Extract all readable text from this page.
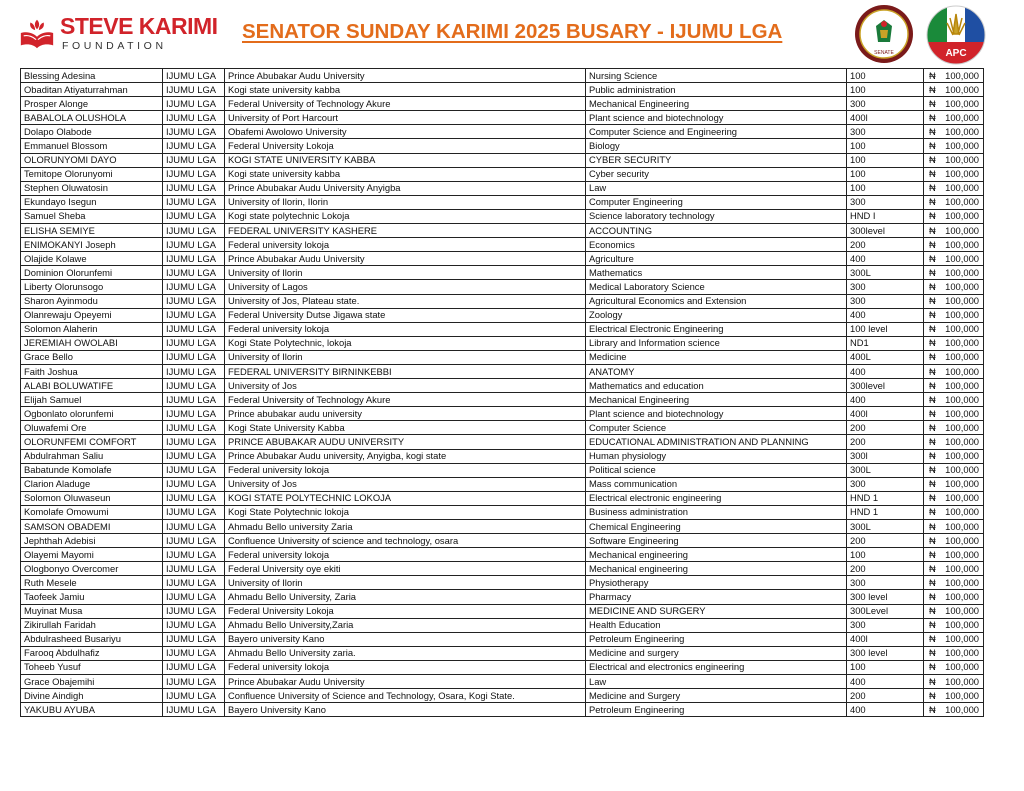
STEVE KARIMI
FOUNDATION
SENATOR SUNDAY KARIMI 2025 BUSARY - IJUMU LGA
SENATE	APC
Blessing Adesina	IJUMU LGA	Prince Abubakar Audu University	Nursing Science	100	₦ 100,000
Obaditan Atiyaturrahman	IJUMU LGA	Kogi state university kabba	Public administration	100	₦ 100,000
Prosper Alonge	IJUMU LGA	Federal University of Technology Akure	Mechanical Engineering	300	₦ 100,000
BABALOLA OLUSHOLA	IJUMU LGA	University of Port Harcourt	Plant science and biotechnology	400l	₦ 100,000
Dolapo Olabode	IJUMU LGA	Obafemi Awolowo University	Computer Science and Engineering	300	₦ 100,000
Emmanuel Blossom	IJUMU LGA	Federal University Lokoja	Biology	100	₦ 100,000
OLORUNYOMI DAYO	IJUMU LGA	KOGI STATE UNIVERSITY KABBA	CYBER SECURITY	100	₦ 100,000
Temitope Olorunyomi	IJUMU LGA	Kogi state university kabba	Cyber security	100	₦ 100,000
Stephen Oluwatosin	IJUMU LGA	Prince Abubakar Audu University Anyigba	Law	100	₦ 100,000
Ekundayo Isegun	IJUMU LGA	University of Ilorin, Ilorin	Computer Engineering	300	₦ 100,000
Samuel Sheba	IJUMU LGA	Kogi state polytechnic Lokoja	Science laboratory technology	HND I	₦ 100,000
ELISHA SEMIYE	IJUMU LGA	FEDERAL UNIVERSITY KASHERE	ACCOUNTING	300level	₦ 100,000
ENIMOKANYI Joseph	IJUMU LGA	Federal university lokoja	Economics	200	₦ 100,000
Olajide Kolawe	IJUMU LGA	Prince Abubakar Audu University	Agriculture	400	₦ 100,000
Dominion Olorunfemi	IJUMU LGA	University of Ilorin	Mathematics	300L	₦ 100,000
Liberty Olorunsogo	IJUMU LGA	University of Lagos	Medical Laboratory Science	300	₦ 100,000
Sharon Ayinmodu	IJUMU LGA	University of Jos, Plateau state.	Agricultural Economics and Extension	300	₦ 100,000
Olanrewaju Opeyemi	IJUMU LGA	Federal University Dutse Jigawa state	Zoology	400	₦ 100,000
Solomon Alaherin	IJUMU LGA	Federal university lokoja	Electrical Electronic Engineering	100 level	₦ 100,000
JEREMIAH OWOLABI	IJUMU LGA	Kogi State Polytechnic, lokoja	Library and Information science	ND1	₦ 100,000
Grace Bello	IJUMU LGA	University of Ilorin	Medicine	400L	₦ 100,000
Faith Joshua	IJUMU LGA	FEDERAL UNIVERSITY BIRNINKEBBI	ANATOMY	400	₦ 100,000
ALABI BOLUWATIFE	IJUMU LGA	University of Jos	Mathematics and education	300level	₦ 100,000
Elijah Samuel	IJUMU LGA	Federal University of Technology Akure	Mechanical Engineering	400	₦ 100,000
Ogbonlato olorunfemi	IJUMU LGA	Prince abubakar audu university	Plant science and biotechnology	400l	₦ 100,000
Oluwafemi Ore	IJUMU LGA	Kogi State University Kabba	Computer Science	200	₦ 100,000
OLORUNFEMI COMFORT	IJUMU LGA	PRINCE ABUBAKAR AUDU UNIVERSITY	EDUCATIONAL ADMINISTRATION AND PLANNING	200	₦ 100,000
Abdulrahman Saliu	IJUMU LGA	Prince Abubakar Audu university, Anyigba, kogi state	Human physiology	300l	₦ 100,000
Babatunde Komolafe	IJUMU LGA	Federal university lokoja	Political science	300L	₦ 100,000
Clarion Aladuge	IJUMU LGA	University of Jos	Mass communication	300	₦ 100,000
Solomon Oluwaseun	IJUMU LGA	KOGI STATE POLYTECHNIC LOKOJA	Electrical electronic engineering	HND 1	₦ 100,000
Komolafe Omowumi	IJUMU LGA	Kogi State Polytechnic lokoja	Business administration	HND 1	₦ 100,000
SAMSON OBADEMI	IJUMU LGA	Ahmadu Bello university Zaria	Chemical Engineering	300L	₦ 100,000
Jephthah Adebisi	IJUMU LGA	Confluence University of science and technology, osara	Software Engineering	200	₦ 100,000
Olayemi Mayomi	IJUMU LGA	Federal university lokoja	Mechanical engineering	100	₦ 100,000
Ologbonyo Overcomer	IJUMU LGA	Federal University oye ekiti	Mechanical engineering	200	₦ 100,000
Ruth Mesele	IJUMU LGA	University of Ilorin	Physiotherapy	300	₦ 100,000
Taofeek Jamiu	IJUMU LGA	Ahmadu Bello University, Zaria	Pharmacy	300 level	₦ 100,000
Muyinat Musa	IJUMU LGA	Federal University Lokoja	MEDICINE AND SURGERY	300Level	₦ 100,000
Zikirullah Faridah	IJUMU LGA	Ahmadu Bello University,Zaria	Health Education	300	₦ 100,000
Abdulrasheed Busariyu	IJUMU LGA	Bayero university Kano	Petroleum Engineering	400l	₦ 100,000
Farooq Abdulhafiz	IJUMU LGA	Ahmadu Bello University zaria.	Medicine and surgery	300 level	₦ 100,000
Toheeb Yusuf	IJUMU LGA	Federal university lokoja	Electrical and electronics engineering	100	₦ 100,000
Grace Obajemihi	IJUMU LGA	Prince Abubakar Audu University	Law	400	₦ 100,000
Divine Aindigh	IJUMU LGA	Confluence University of Science and Technology, Osara, Kogi State.	Medicine and Surgery	200	₦ 100,000
YAKUBU AYUBA	IJUMU LGA	Bayero University Kano	Petroleum Engineering	400	₦ 100,000
